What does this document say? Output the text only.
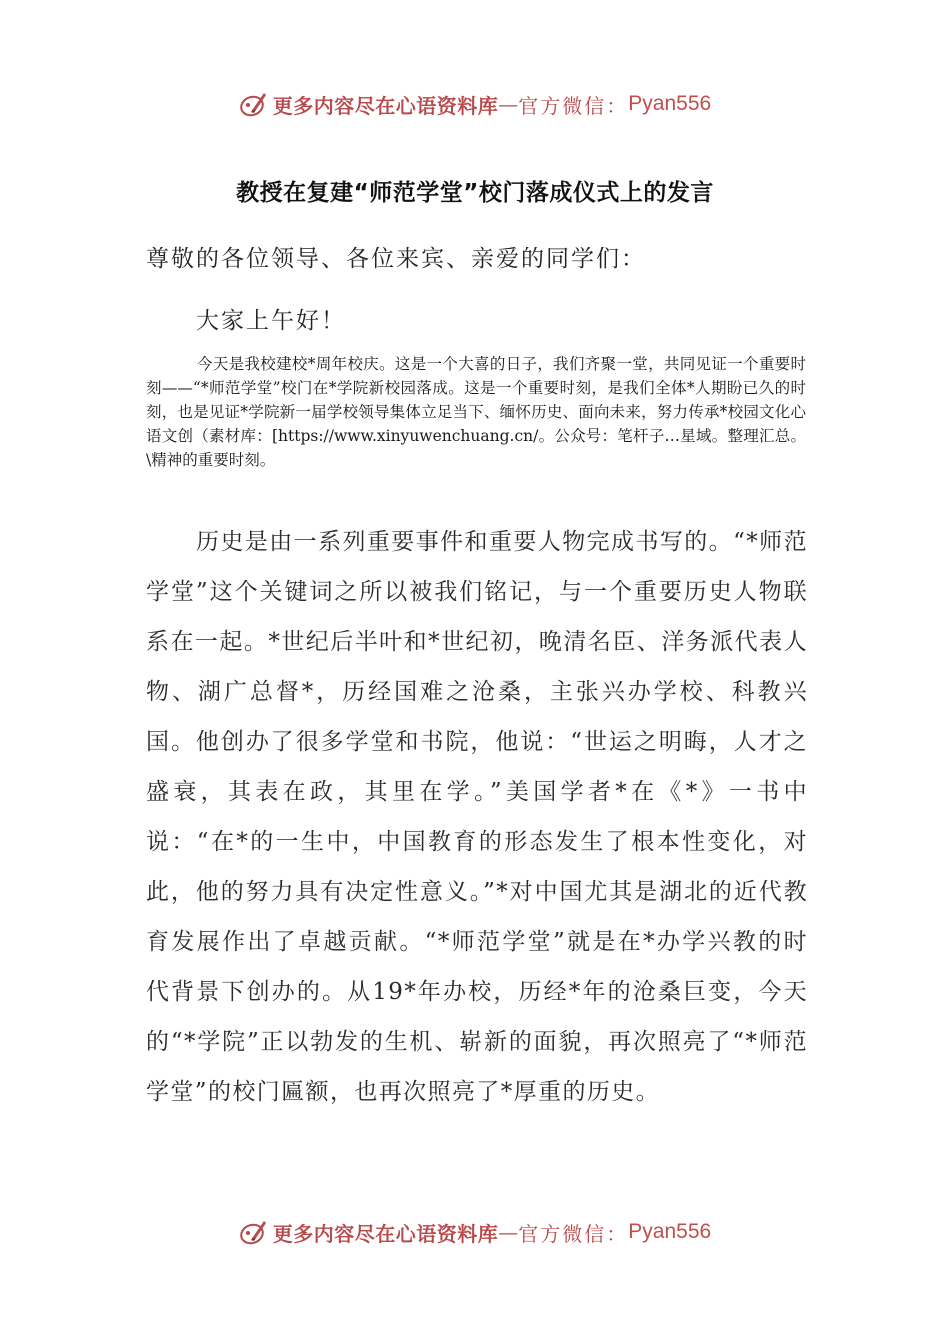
更多内容尽在心语资料库 — 官方微信： Pyan556
教授在复建“师范学堂”校门落成仪式上的发言
尊敬的各位领导、各位来宾、亲爱的同学们：
大家上午好！
今天是我校建校*周年校庆。这是一个大喜的日子，我们齐聚一堂，共同见证一个重要时刻——“*师范学堂”校门在*学院新校园落成。这是一个重要时刻，是我们全体*人期盼已久的时刻，也是见证*学院新一届学校领导集体立足当下、缅怀历史、面向未来，努力传承*校园文化心语文创（素材库：[https://www.xinyuwenchuang.cn/。公众号：笔杆子…星域。整理汇总。\精神的重要时刻。
历史是由一系列重要事件和重要人物完成书写的。“*师范学堂”这个关键词之所以被我们铭记，与一个重要历史人物联系在一起。*世纪后半叶和*世纪初，晚清名臣、洋务派代表人物、湖广总督*，历经国难之沧桑，主张兴办学校、科教兴国。他创办了很多学堂和书院，他说：“世运之明晦，人才之盛衰，其表在政，其里在学。”美国学者*在《*》一书中说：“在*的一生中，中国教育的形态发生了根本性变化，对此，他的努力具有决定性意义。”*对中国尤其是湖北的近代教育发展作出了卓越贡献。“*师范学堂”就是在*办学兴教的时代背景下创办的。从19*年办校，历经*年的沧桑巨变，今天的“*学院”正以勃发的生机、崭新的面貌，再次照亮了“*师范学堂”的校门匾额，也再次照亮了*厚重的历史。
更多内容尽在心语资料库 — 官方微信： Pyan556
